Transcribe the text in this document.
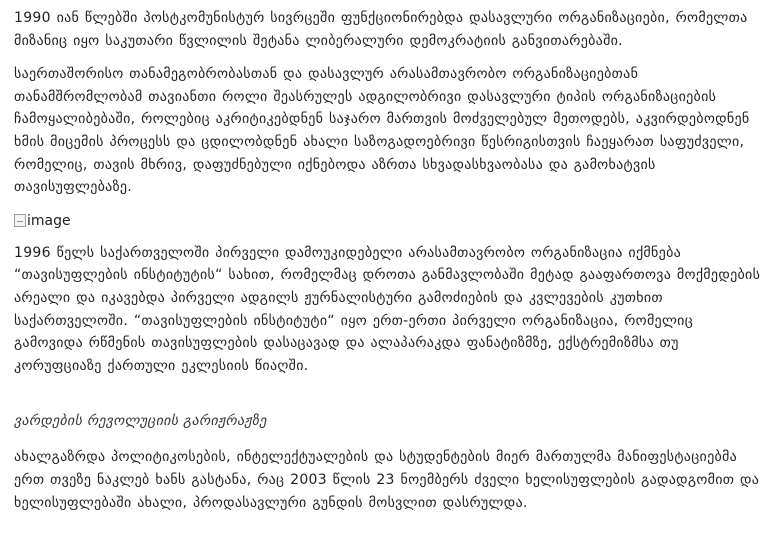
1990 იან წლებში პოსტკომუნისტურ სივრცეში ფუნქციონირებდა დასავლური ორგანიზაციები, რომელთა მიზანიც იყო საკუთარი წვლილის შეტანა ლიბერალური დემოკრატიის განვითარებაში.

საერთაშორისო თანამეგობრობასთან და დასავლურ არასამთავრობო ორგანიზაციებთან თანამშრომლობამ თავიანთი როლი შეასრულეს ადგილობრივი დასავლური ტიპის ორგანიზაციების ჩამოყალიბებაში, როლებიც აკრიტიკებდნენ საჯარო მართვის მოძველებულ მეთოდებს, აკვირდებოდნენ ხმის მიცემის პროცესს და ცდილობდნენ ახალი საზოგადოებრივი წესრიგისთვის ჩაეყარათ საფუძველი, რომელიც, თავის მხრივ, დაფუძნებული იქნებოდა აზრთა სხვადასხვაობასა და გამოხატვის თავისუფლებაზე.

image

1996 წელს საქართველოში პირველი დამოუკიდებელი არასამთავრობო ორგანიზაცია იქმნება “თავისუფლების ინსტიტუტის“ სახით, რომელმაც დროთა განმავლობაში მეტად გააფართოვა მოქმედების არეალი და იკავებდა პირველი ადგილს ჟურნალისტური გამოძიების და კვლევების კუთხით საქართველოში. “თავისუფლების ინსტიტუტი“ იყო ერთ-ერთი პირველი ორგანიზაცია, რომელიც გამოვიდა რწმენის თავისუფლების დასაცავად და ალაპარაკდა ფანატიზმზე, ექსტრემიზმსა თუ კორუფციაზე ქართული ეკლესიის წიაღში.

ვარდების რევოლუციის გარიჟრაჟზე

ახალგაზრდა პოლიტიკოსების, ინტელექტუალების და სტუდენტების მიერ მართულმა მანიფესტაციებმა ერთ თვეზე ნაკლებ ხანს გასტანა, რაც 2003 წლის 23 ნოემბერს ძველი ხელისუფლების გადადგომით და ხელისუფლებაში ახალი, პროდასავლური გუნდის მოსვლით დასრულდა.
